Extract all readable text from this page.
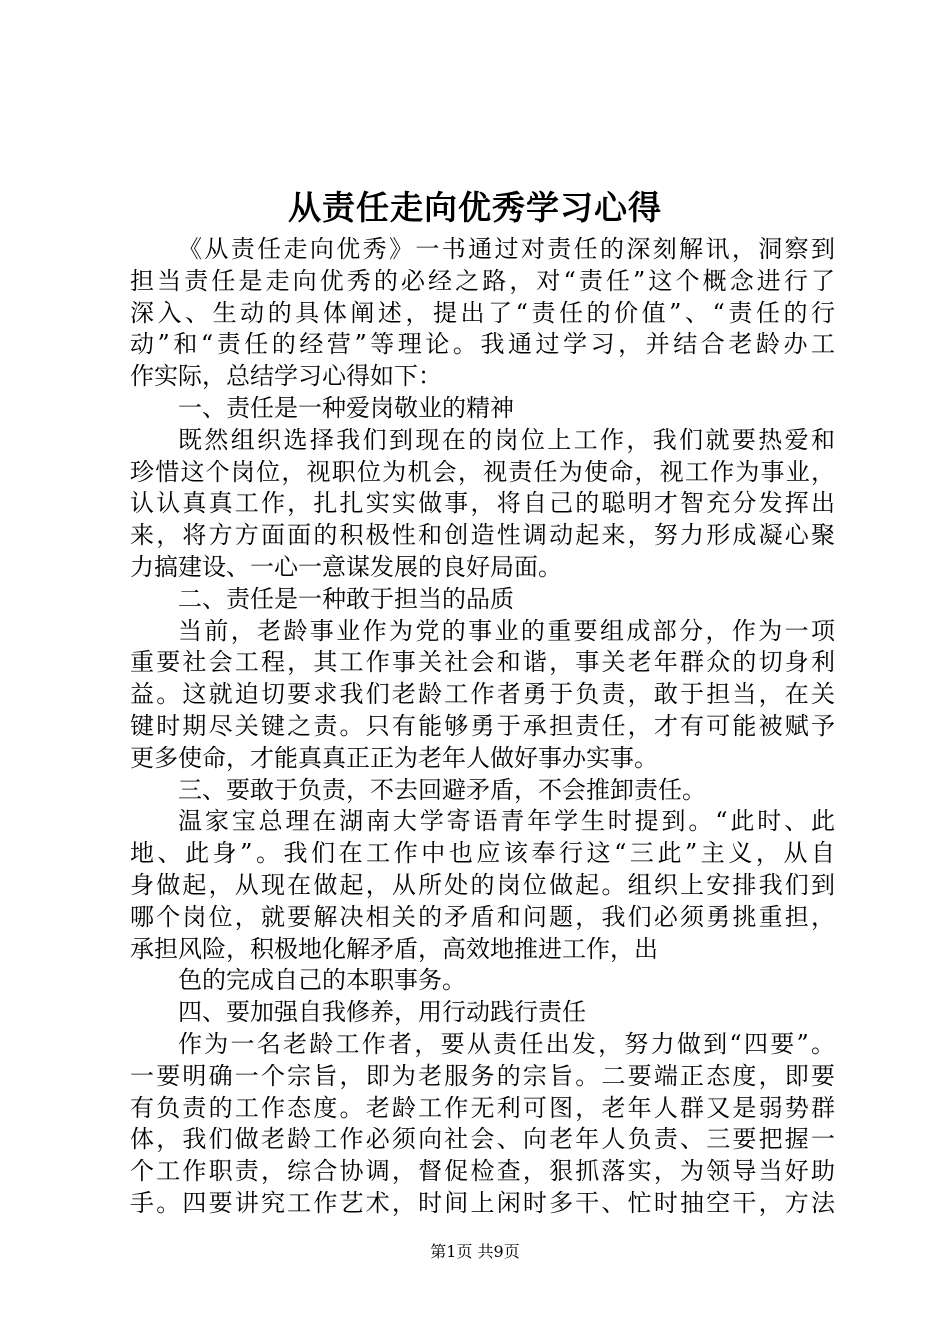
从责任走向优秀学习心得
《从责任走向优秀》一书通过对责任的深刻解讯，洞察到
担当责任是走向优秀的必经之路，对“责任”这个概念进行了
深入、生动的具体阐述，提出了“责任的价值”、“责任的行
动”和“责任的经营”等理论。我通过学习，并结合老龄办工
作实际，总结学习心得如下：
一、责任是一种爱岗敬业的精神
既然组织选择我们到现在的岗位上工作，我们就要热爱和
珍惜这个岗位，视职位为机会，视责任为使命，视工作为事业，
认认真真工作，扎扎实实做事，将自己的聪明才智充分发挥出
来，将方方面面的积极性和创造性调动起来，努力形成凝心聚
力搞建设、一心一意谋发展的良好局面。
二、责任是一种敢于担当的品质
当前，老龄事业作为党的事业的重要组成部分，作为一项
重要社会工程，其工作事关社会和谐，事关老年群众的切身利
益。这就迫切要求我们老龄工作者勇于负责，敢于担当，在关
键时期尽关键之责。只有能够勇于承担责任，才有可能被赋予
更多使命，才能真真正正为老年人做好事办实事。
三、要敢于负责，不去回避矛盾，不会推卸责任。
温家宝总理在湖南大学寄语青年学生时提到。“此时、此
地、此身”。我们在工作中也应该奉行这“三此”主义，从自
身做起，从现在做起，从所处的岗位做起。组织上安排我们到
哪个岗位，就要解决相关的矛盾和问题，我们必须勇挑重担，
承担风险，积极地化解矛盾，高效地推进工作，出
色的完成自己的本职事务。
四、要加强自我修养，用行动践行责任
作为一名老龄工作者，要从责任出发，努力做到“四要”。
一要明确一个宗旨，即为老服务的宗旨。二要端正态度，即要
有负责的工作态度。老龄工作无利可图，老年人群又是弱势群
体，我们做老龄工作必须向社会、向老年人负责、三要把握一
个工作职责，综合协调，督促检查，狠抓落实，为领导当好助
手。四要讲究工作艺术，时间上闲时多干、忙时抽空干，方法
第1页 共9页
